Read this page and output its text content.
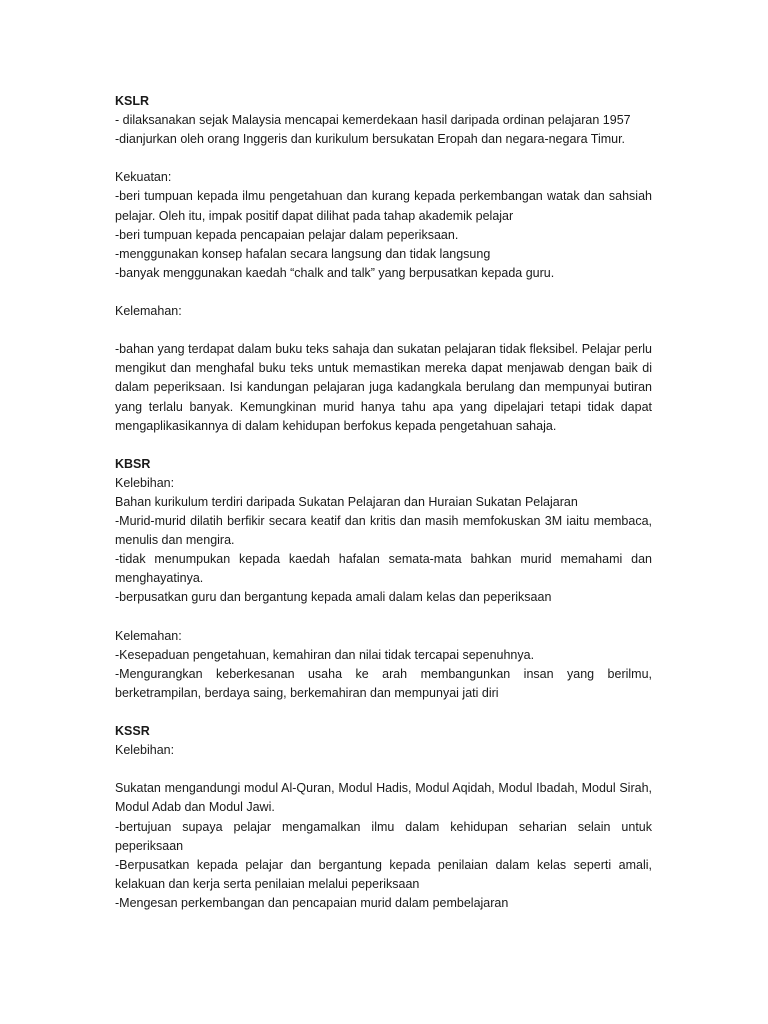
KSLR
- dilaksanakan sejak Malaysia mencapai kemerdekaan hasil daripada ordinan pelajaran 1957
-dianjurkan oleh orang Inggeris dan kurikulum bersukatan Eropah dan negara-negara Timur.
Kekuatan:
-beri tumpuan kepada ilmu pengetahuan dan kurang kepada perkembangan watak dan sahsiah pelajar. Oleh itu, impak positif dapat dilihat pada tahap akademik pelajar
-beri tumpuan kepada pencapaian pelajar dalam peperiksaan.
-menggunakan konsep hafalan secara langsung dan tidak langsung
-banyak menggunakan kaedah “chalk and talk” yang berpusatkan kepada guru.
Kelemahan:
-bahan yang terdapat dalam buku teks sahaja dan sukatan pelajaran tidak fleksibel. Pelajar perlu mengikut dan menghafal buku teks untuk memastikan mereka dapat menjawab dengan baik di dalam peperiksaan. Isi kandungan pelajaran juga kadangkala berulang dan mempunyai butiran yang terlalu banyak. Kemungkinan murid hanya tahu apa yang dipelajari tetapi tidak dapat mengaplikasikannya di dalam kehidupan berfokus kepada pengetahuan sahaja.
KBSR
Kelebihan:
Bahan kurikulum terdiri daripada Sukatan Pelajaran dan Huraian Sukatan Pelajaran
-Murid-murid dilatih berfikir secara keatif dan kritis dan masih memfokuskan 3M iaitu membaca, menulis dan mengira.
-tidak menumpukan kepada kaedah hafalan semata-mata bahkan murid memahami dan menghayatinya.
-berpusatkan guru dan bergantung kepada amali dalam kelas dan peperiksaan
Kelemahan:
-Kesepaduan pengetahuan, kemahiran dan nilai tidak tercapai sepenuhnya.
-Mengurangkan keberkesanan usaha ke arah membangunkan insan yang berilmu, berketrampilan, berdaya saing, berkemahiran dan mempunyai jati diri
KSSR
Kelebihan:
Sukatan mengandungi modul Al-Quran, Modul Hadis, Modul Aqidah, Modul Ibadah, Modul Sirah, Modul Adab dan Modul Jawi.
-bertujuan supaya pelajar mengamalkan ilmu dalam kehidupan seharian selain untuk peperiksaan
-Berpusatkan kepada pelajar dan bergantung kepada penilaian dalam kelas seperti amali, kelakuan dan kerja serta penilaian melalui peperiksaan
-Mengesan perkembangan dan pencapaian murid dalam pembelajaran
